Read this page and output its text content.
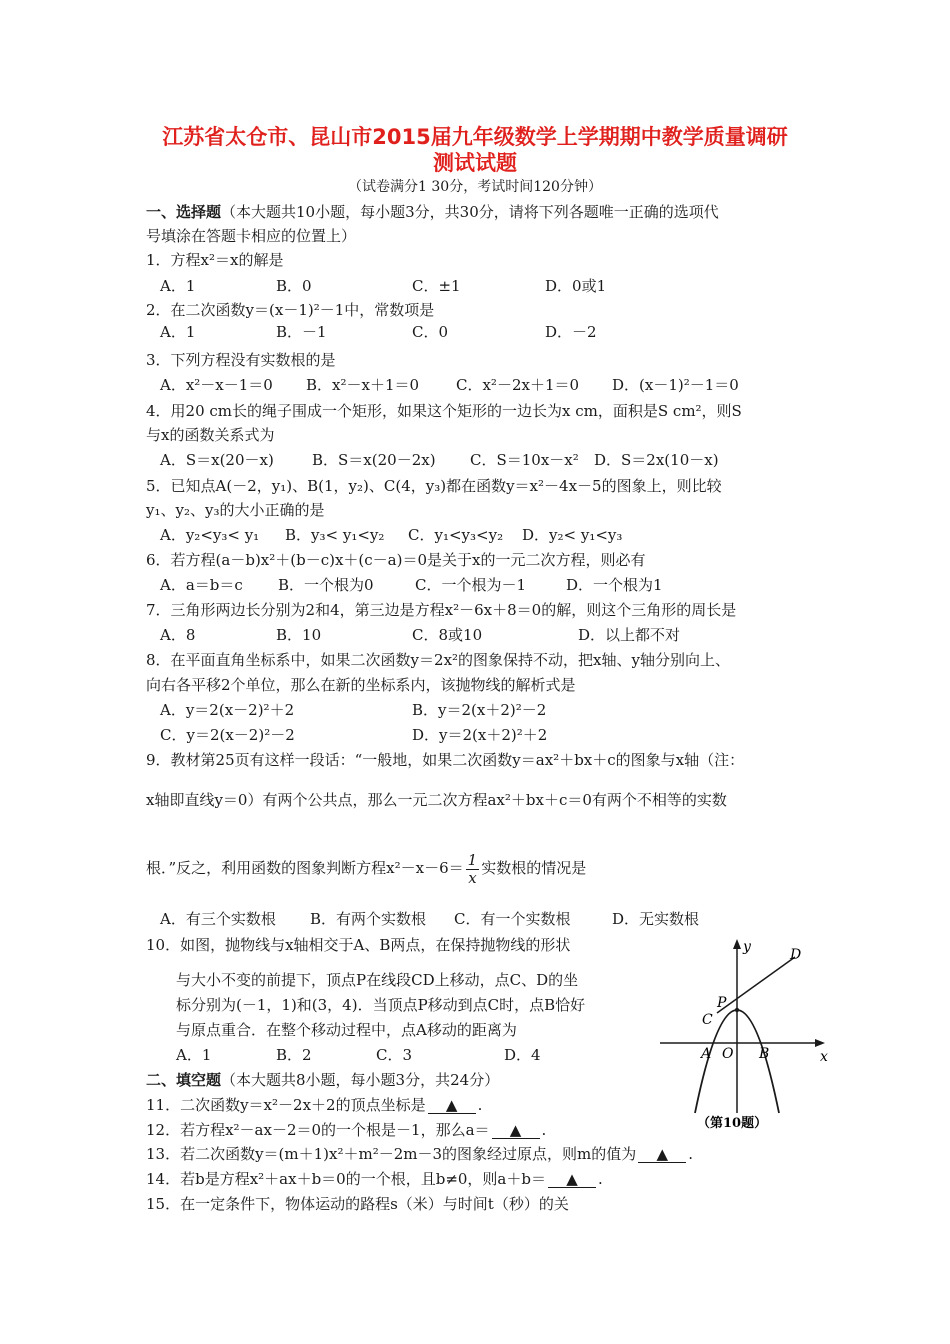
江苏省太仓市、昆山市2015届九年级数学上学期期中教学质量调研
测试试题
（试卷满分1 30分，考试时间120分钟）
一、选择题（本大题共10小题，每小题3分，共30分，请将下列各题唯一正确的选项代
号填涂在答题卡相应的位置上）
1．方程x²＝x的解是
A．1	B．0	C．±1	D．0或1
2．在二次函数y＝(x－1)²－1中，常数项是
A．1	B．－1	C．0	D．－2
3．下列方程没有实数根的是
A．x²－x－1＝0 B．x²－x＋1＝0 C．x²－2x＋1＝0 D．(x－1)²－1＝0
4．用20 cm长的绳子围成一个矩形，如果这个矩形的一边长为x cm，面积是S cm²，则S
与x的函数关系式为
A．S＝x(20－x)	B．S＝x(20－2x) C．S＝10x－x² D．S＝2x(10－x)
5．已知点A(－2，y₁)、B(1，y₂)、C(4，y₃)都在函数y＝x²－4x－5的图象上，则比较
y₁、y₂、y₃的大小正确的是
A．y₂<y₃< y₁ B．y₃< y₁<y₂ C．y₁<y₃<y₂ D．y₂< y₁<y₃
6．若方程(a－b)x²＋(b－c)x＋(c－a)＝0是关于x的一元二次方程，则必有
A．a＝b＝c B．一个根为0	C．一个根为－1	D．一个根为1
7．三角形两边长分别为2和4，第三边是方程x²－6x＋8＝0的解，则这个三角形的周长是
A．8	B．10	C．8或10	D．以上都不对
8．在平面直角坐标系中，如果二次函数y＝2x²的图象保持不动，把x轴、y轴分别向上、
向右各平移2个单位，那么在新的坐标系内，该抛物线的解析式是
A．y＝2(x－2)²＋2	B．y＝2(x＋2)²－2
C．y＝2(x－2)²－2	D．y＝2(x＋2)²＋2
9．教材第25页有这样一段话：“一般地，如果二次函数y＝ax²＋bx＋c的图象与x轴（注：
x轴即直线y＝0）有两个公共点，那么一元二次方程ax²＋bx＋c＝0有两个不相等的实数
根．”反之，利用函数的图象判断方程$x^2-x-6= \frac{1}{x}$ 实数根的情况是
A．有三个实数根 B．有两个实数根 C．有一个实数根	D．无实数根
10．如图，抛物线与x轴相交于A、B两点，在保持抛物线的形状
与大小不变的前提下，顶点P在线段CD上移动，点C、D的坐
标分别为(－1，1)和(3，4)．当顶点P移动到点C时，点B恰好
与原点重合．在整个移动过程中，点A移动的距离为
A．1	B．2	C．3	D．4
y
x
D
P
C
A O B
（第10题）
二、填空题（本大题共8小题，每小题3分，共24分）
11．二次函数y＝x²－2x＋2的顶点坐标是 ▲ .
12．若方程x²－ax－2＝0的一个根是－1，那么a＝ ▲ .
13．若二次函数y＝(m＋1)x²＋m²－2m－3的图象经过原点，则m的值为 ▲ .
14．若b是方程x²＋ax＋b＝0的一个根，且b≠0，则a＋b＝ ▲ .
15．在一定条件下，物体运动的路程s（米）与时间t（秒）的关
